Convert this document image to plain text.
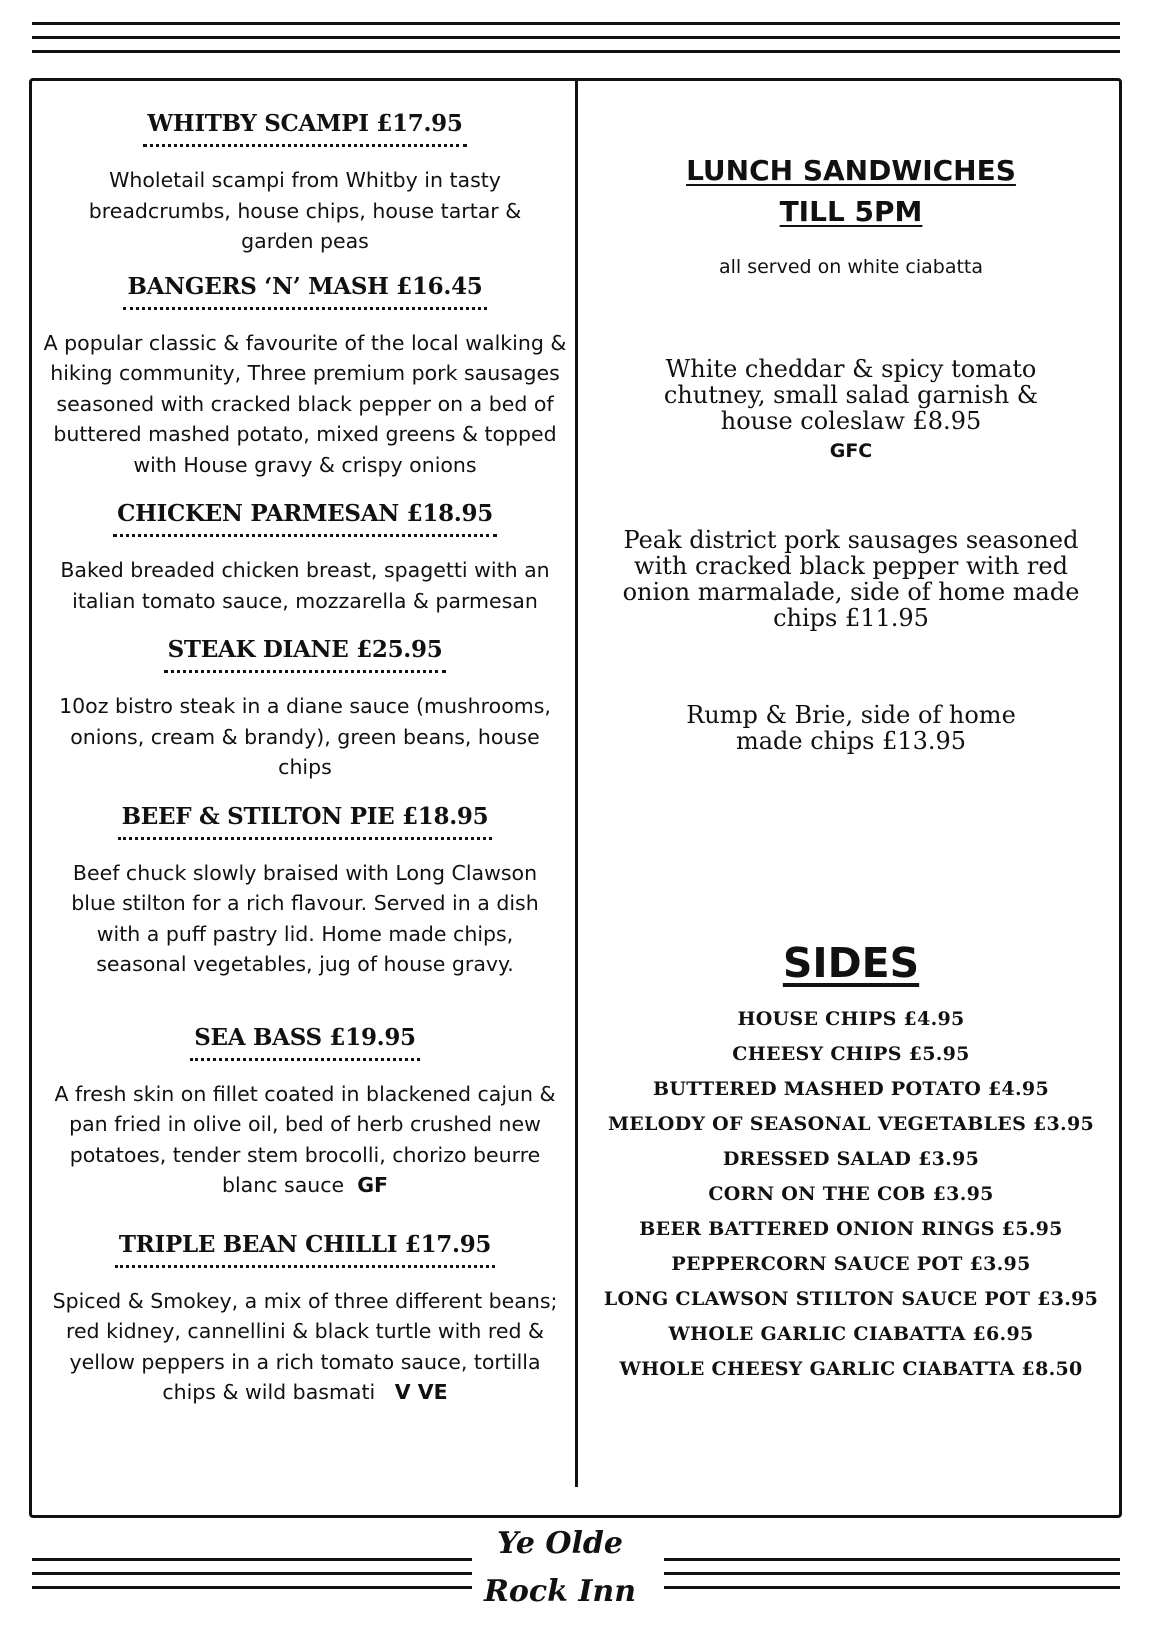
WHITBY SCAMPI £17.95
Wholetail scampi from Whitby in tasty breadcrumbs, house chips, house tartar & garden peas
BANGERS ‘N’ MASH £16.45
A popular classic & favourite of the local walking & hiking community, Three premium pork sausages seasoned with cracked black pepper on a bed of buttered mashed potato, mixed greens & topped with House gravy & crispy onions
CHICKEN PARMESAN £18.95
Baked breaded chicken breast, spagetti with an italian tomato sauce, mozzarella & parmesan
STEAK DIANE £25.95
10oz bistro steak in a diane sauce (mushrooms, onions, cream & brandy), green beans, house chips
BEEF & STILTON PIE £18.95
Beef chuck slowly braised with Long Clawson blue stilton for a rich flavour. Served in a dish with a puff pastry lid. Home made chips, seasonal vegetables, jug of house gravy.
SEA BASS £19.95
A fresh skin on fillet coated in blackened cajun & pan fried in olive oil, bed of herb crushed new potatoes, tender stem brocolli, chorizo beurre blanc sauce GF
TRIPLE BEAN CHILLI £17.95
Spiced & Smokey, a mix of three different beans; red kidney, cannellini & black turtle with red & yellow peppers in a rich tomato sauce, tortilla chips & wild basmati V VE
LUNCH SANDWICHES TILL 5PM
all served on white ciabatta
White cheddar & spicy tomato chutney, small salad garnish & house coleslaw £8.95
GFC
Peak district pork sausages seasoned with cracked black pepper with red onion marmalade, side of home made chips £11.95
Rump & Brie, side of home made chips £13.95
SIDES
HOUSE CHIPS £4.95
CHEESY CHIPS £5.95
BUTTERED MASHED POTATO £4.95
MELODY OF SEASONAL VEGETABLES £3.95
DRESSED SALAD £3.95
CORN ON THE COB £3.95
BEER BATTERED ONION RINGS £5.95
PEPPERCORN SAUCE POT £3.95
LONG CLAWSON STILTON SAUCE POT £3.95
WHOLE GARLIC CIABATTA £6.95
WHOLE CHEESY GARLIC CIABATTA £8.50
Ye Olde
Rock Inn
